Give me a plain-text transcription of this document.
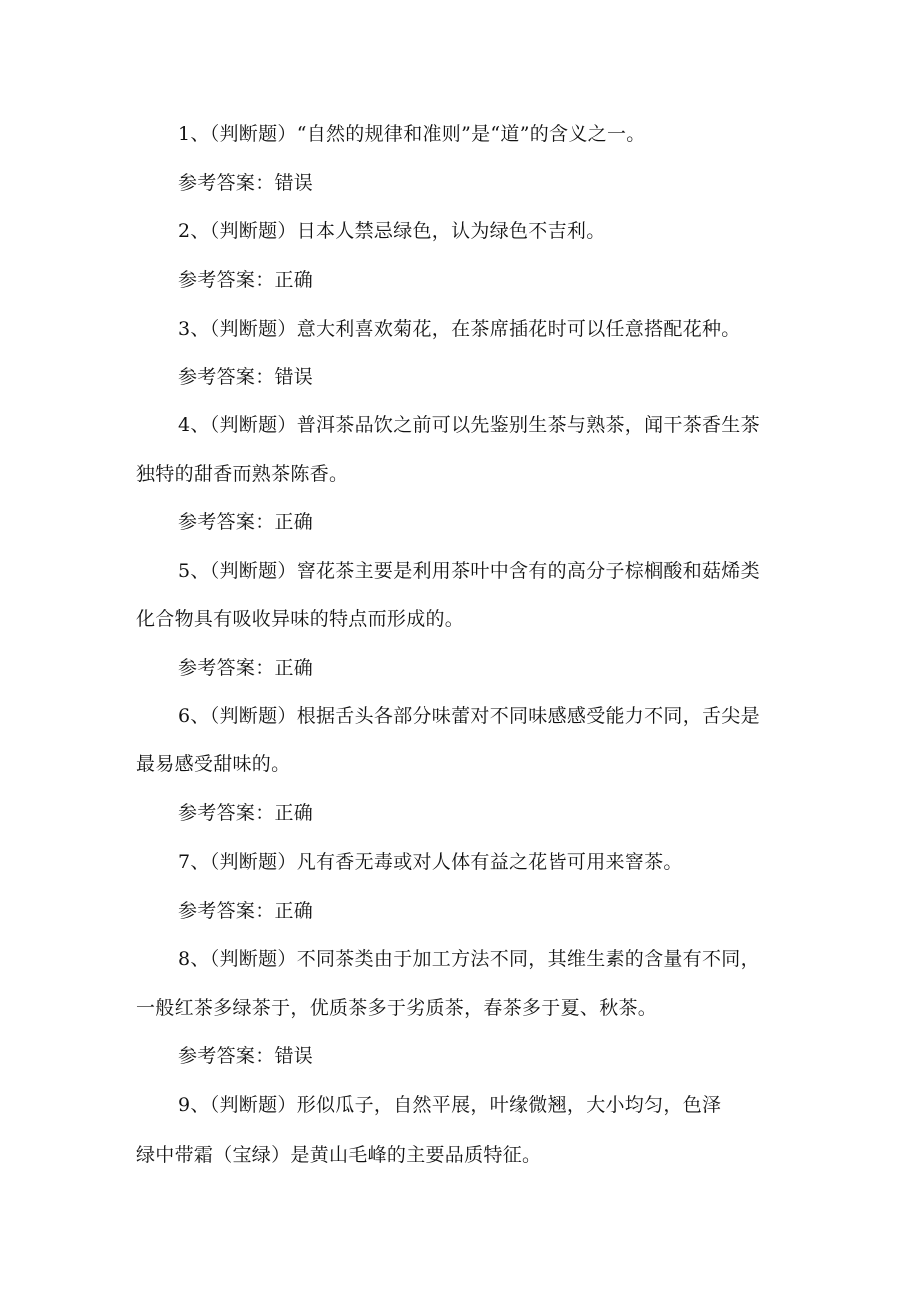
1、（判断题）“自然的规律和准则”是“道”的含义之一。
参考答案：错误
2、（判断题）日本人禁忌绿色，认为绿色不吉利。
参考答案：正确
3、（判断题）意大利喜欢菊花，在茶席插花时可以任意搭配花种。
参考答案：错误
4、（判断题）普洱茶品饮之前可以先鉴别生茶与熟茶，闻干茶香生茶
独特的甜香而熟茶陈香。
参考答案：正确
5、（判断题）窨花茶主要是利用茶叶中含有的高分子棕榈酸和菇烯类
化合物具有吸收异味的特点而形成的。
参考答案：正确
6、（判断题）根据舌头各部分味蕾对不同味感感受能力不同，舌尖是
最易感受甜味的。
参考答案：正确
7、（判断题）凡有香无毒或对人体有益之花皆可用来窨茶。
参考答案：正确
8、（判断题）不同茶类由于加工方法不同，其维生素的含量有不同，
一般红茶多绿茶于，优质茶多于劣质茶，春茶多于夏、秋茶。
参考答案：错误
9、（判断题）形似瓜子，自然平展，叶缘微翘，大小均匀，色泽
绿中带霜（宝绿）是黄山毛峰的主要品质特征。
